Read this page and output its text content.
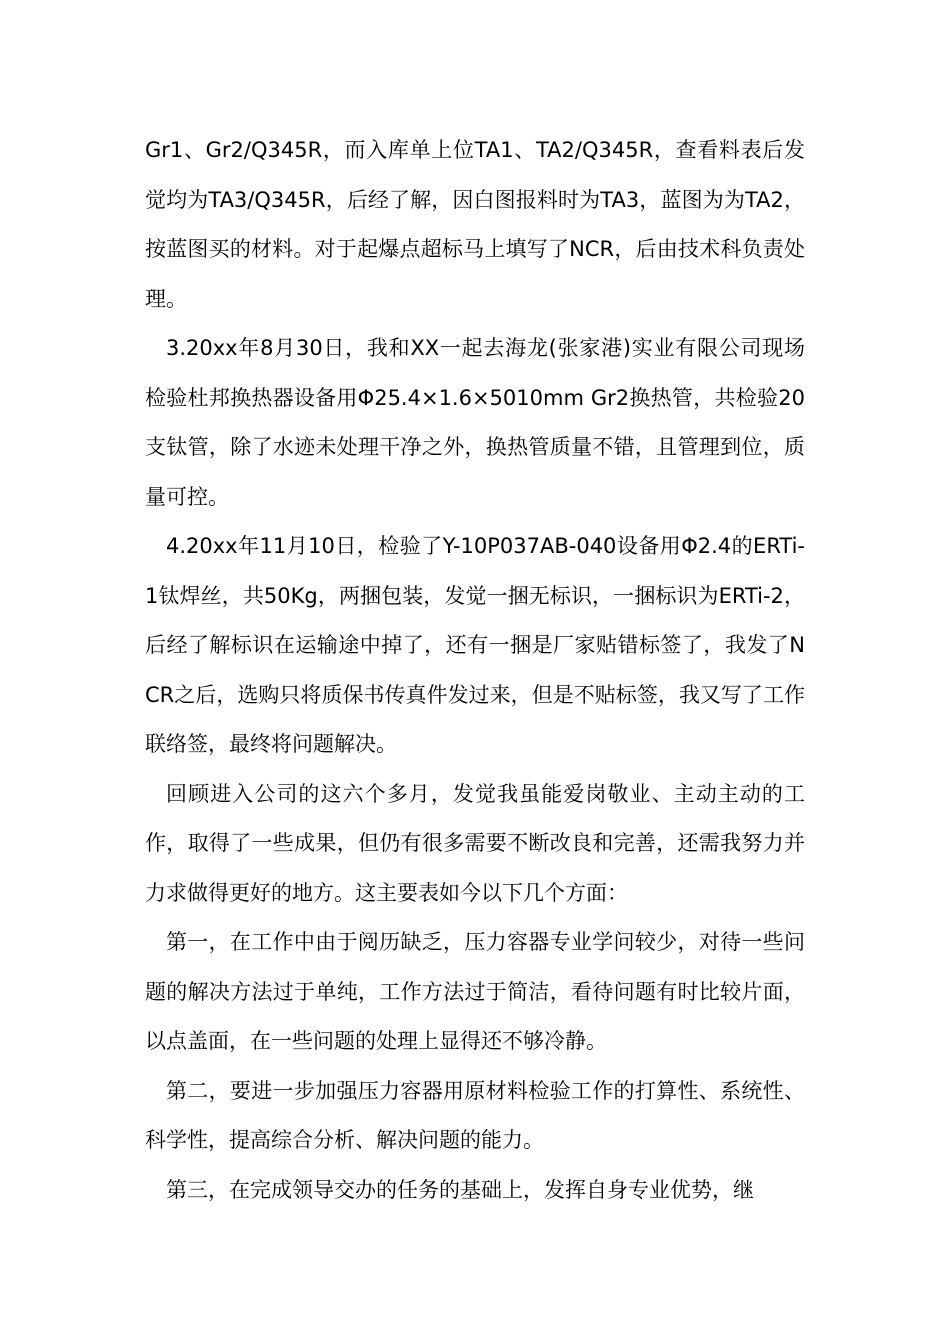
Gr1、Gr2/Q345R，而入库单上位TA1、TA2/Q345R，查看料表后发觉均为TA3/Q345R，后经了解，因白图报料时为TA3，蓝图为为TA2，按蓝图买的材料。对于起爆点超标马上填写了NCR，后由技术科负责处理。

3.20xx年8月30日，我和XX一起去海龙(张家港)实业有限公司现场检验杜邦换热器设备用Φ25.4×1.6×5010mm Gr2换热管，共检验20支钛管，除了水迹未处理干净之外，换热管质量不错，且管理到位，质量可控。

4.20xx年11月10日，检验了Y-10P037AB-040设备用Φ2.4的ERTi-1钛焊丝，共50Kg，两捆包装，发觉一捆无标识，一捆标识为ERTi-2，后经了解标识在运输途中掉了，还有一捆是厂家贴错标签了，我发了NCR之后，选购只将质保书传真件发过来，但是不贴标签，我又写了工作联络签，最终将问题解决。

回顾进入公司的这六个多月，发觉我虽能爱岗敬业、主动主动的工作，取得了一些成果，但仍有很多需要不断改良和完善，还需我努力并力求做得更好的地方。这主要表如今以下几个方面：

第一，在工作中由于阅历缺乏，压力容器专业学问较少，对待一些问题的解决方法过于单纯，工作方法过于简洁，看待问题有时比较片面，以点盖面，在一些问题的处理上显得还不够冷静。

第二，要进一步加强压力容器用原材料检验工作的打算性、系统性、科学性，提高综合分析、解决问题的能力。

第三，在完成领导交办的任务的基础上，发挥自身专业优势，继
